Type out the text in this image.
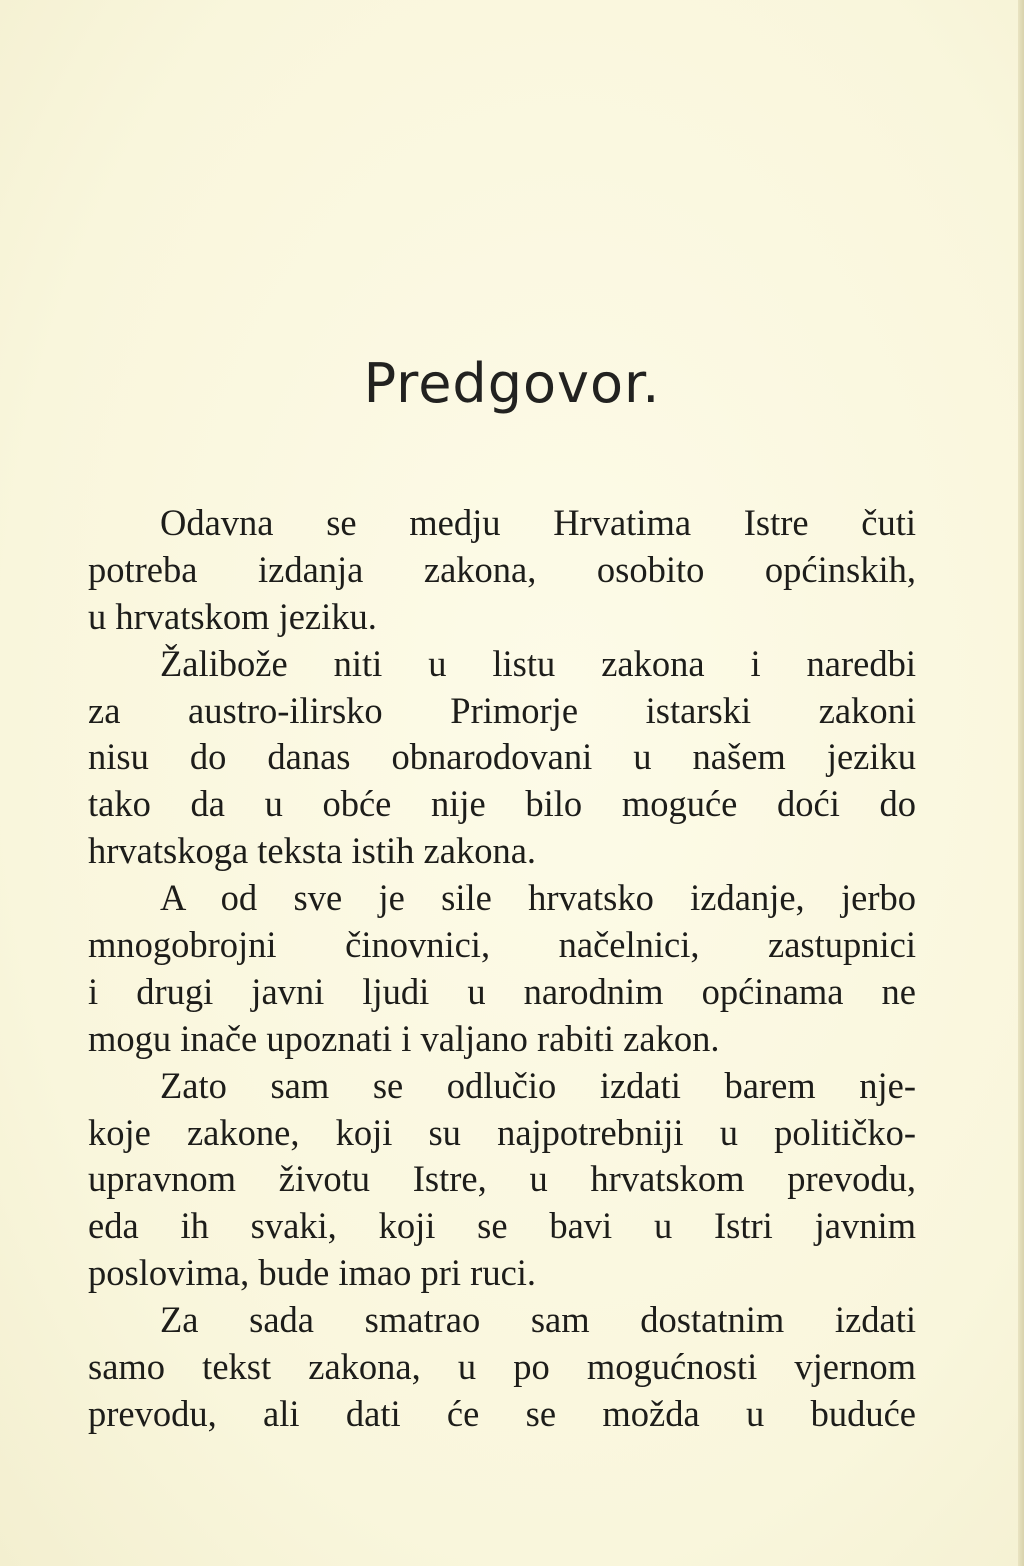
Predgovor.
Odavna se medju Hrvatima Istre čuti
potreba izdanja zakona, osobito općinskih,
u hrvatskom jeziku.
Žalibože niti u listu zakona i naredbi
za austro-ilirsko Primorje istarski zakoni
nisu do danas obnarodovani u našem jeziku
tako da u obće nije bilo moguće doći do
hrvatskoga teksta istih zakona.
A od sve je sile hrvatsko izdanje, jerbo
mnogobrojni činovnici, načelnici, zastupnici
i drugi javni ljudi u narodnim općinama ne
mogu inače upoznati i valjano rabiti zakon.
Zato sam se odlučio izdati barem nje-
koje zakone, koji su najpotrebniji u političko-
upravnom životu Istre, u hrvatskom prevodu,
eda ih svaki, koji se bavi u Istri javnim
poslovima, bude imao pri ruci.
Za sada smatrao sam dostatnim izdati
samo tekst zakona, u po mogućnosti vjernom
prevodu, ali dati će se možda u buduće
